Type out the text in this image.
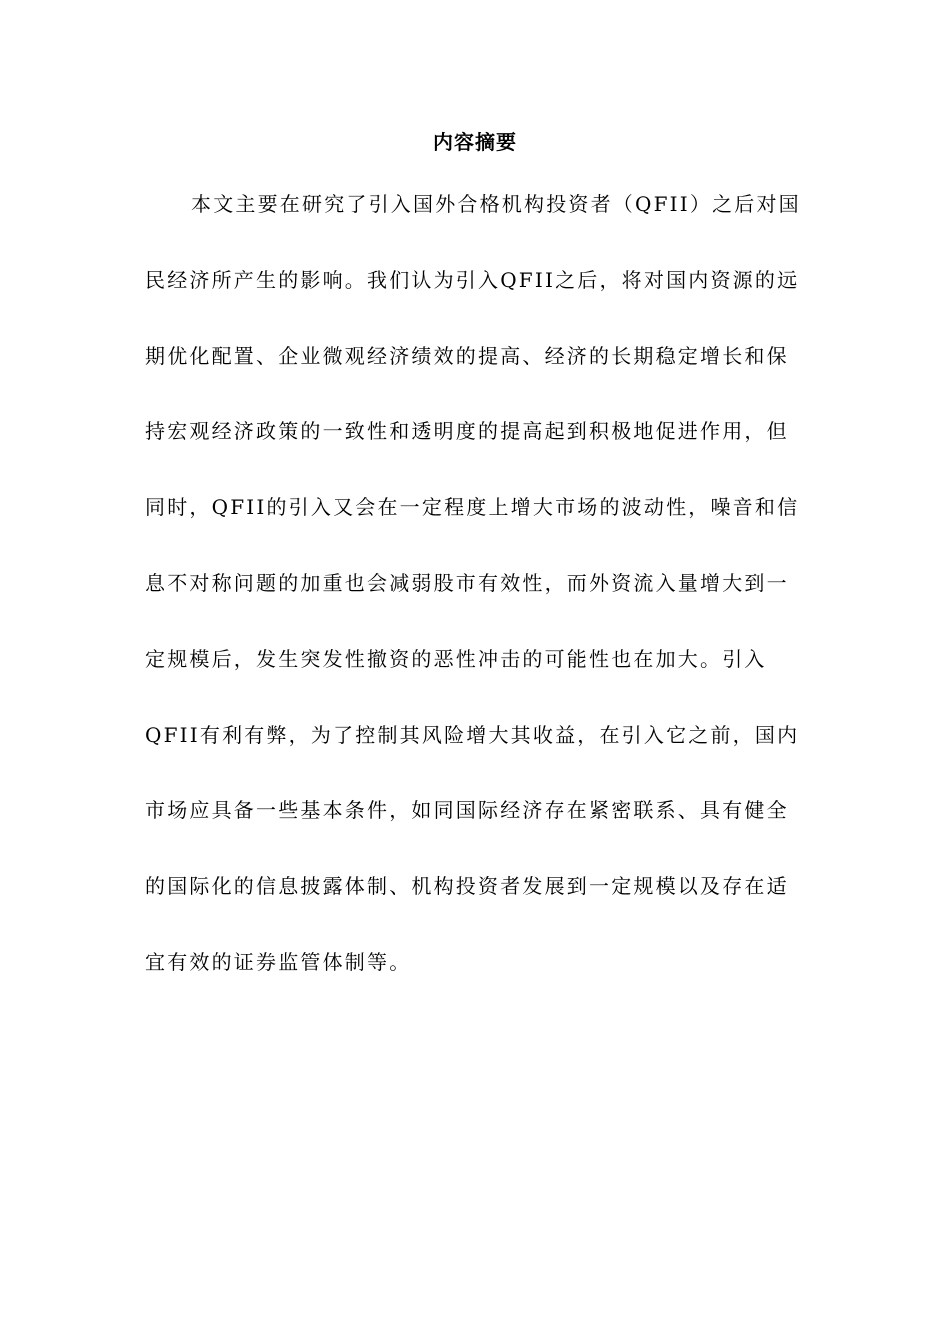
内容摘要
本文主要在研究了引入国外合格机构投资者（QFII）之后对国
民经济所产生的影响。我们认为引入QFII之后，将对国内资源的远
期优化配置、企业微观经济绩效的提高、经济的长期稳定增长和保
持宏观经济政策的一致性和透明度的提高起到积极地促进作用，但
同时，QFII的引入又会在一定程度上增大市场的波动性，噪音和信
息不对称问题的加重也会减弱股市有效性，而外资流入量增大到一
定规模后，发生突发性撤资的恶性冲击的可能性也在加大。引入
QFII有利有弊，为了控制其风险增大其收益，在引入它之前，国内
市场应具备一些基本条件，如同国际经济存在紧密联系、具有健全
的国际化的信息披露体制、机构投资者发展到一定规模以及存在适
宜有效的证券监管体制等。
